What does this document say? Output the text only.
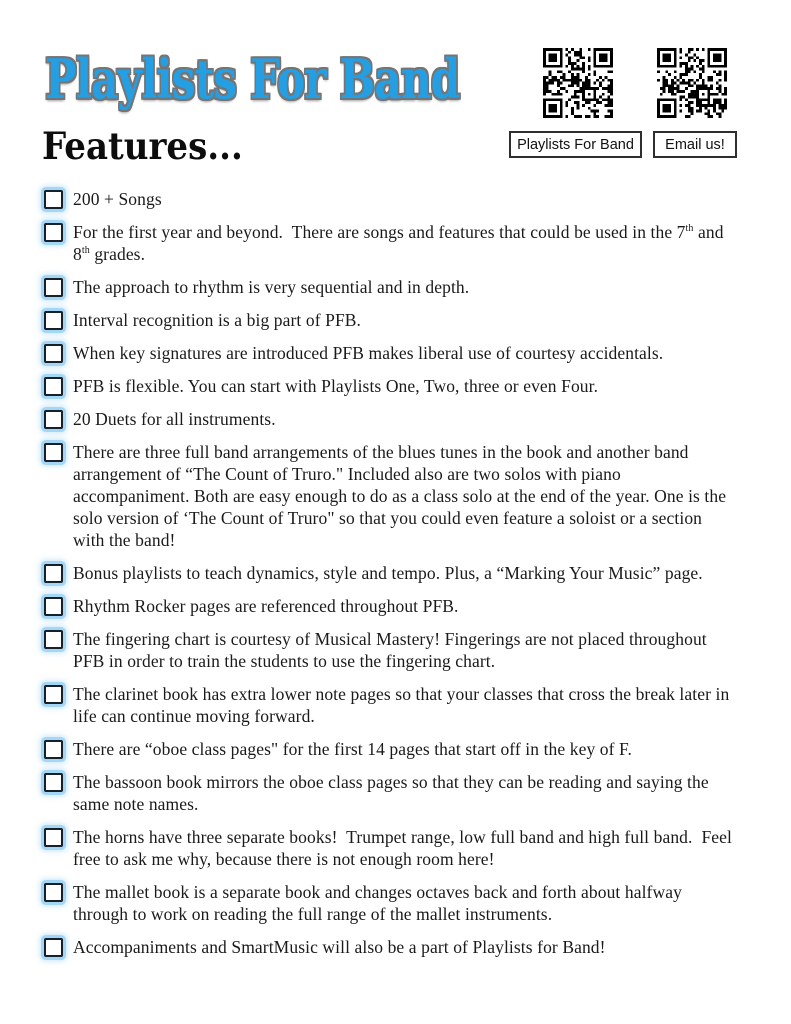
Playlists For Band
Features...	Playlists For Band	Email us!
200 + Songs
For the first year and beyond.  There are songs and features that could be used in the 7th and 8th grades.
The approach to rhythm is very sequential and in depth.
Interval recognition is a big part of PFB.
When key signatures are introduced PFB makes liberal use of courtesy accidentals.
PFB is flexible. You can start with Playlists One, Two, three or even Four.
20 Duets for all instruments.
There are three full band arrangements of the blues tunes in the book and another band arrangement of “The Count of Truro." Included also are two solos with piano accompaniment. Both are easy enough to do as a class solo at the end of the year. One is the solo version of ‘The Count of Truro" so that you could even feature a soloist or a section with the band!
Bonus playlists to teach dynamics, style and tempo. Plus, a “Marking Your Music” page.
Rhythm Rocker pages are referenced throughout PFB.
The fingering chart is courtesy of Musical Mastery! Fingerings are not placed throughout PFB in order to train the students to use the fingering chart.
The clarinet book has extra lower note pages so that your classes that cross the break later in life can continue moving forward.
There are “oboe class pages" for the first 14 pages that start off in the key of F.
The bassoon book mirrors the oboe class pages so that they can be reading and saying the same note names.
The horns have three separate books!  Trumpet range, low full band and high full band.  Feel free to ask me why, because there is not enough room here!
The mallet book is a separate book and changes octaves back and forth about halfway through to work on reading the full range of the mallet instruments.
Accompaniments and SmartMusic will also be a part of Playlists for Band!
